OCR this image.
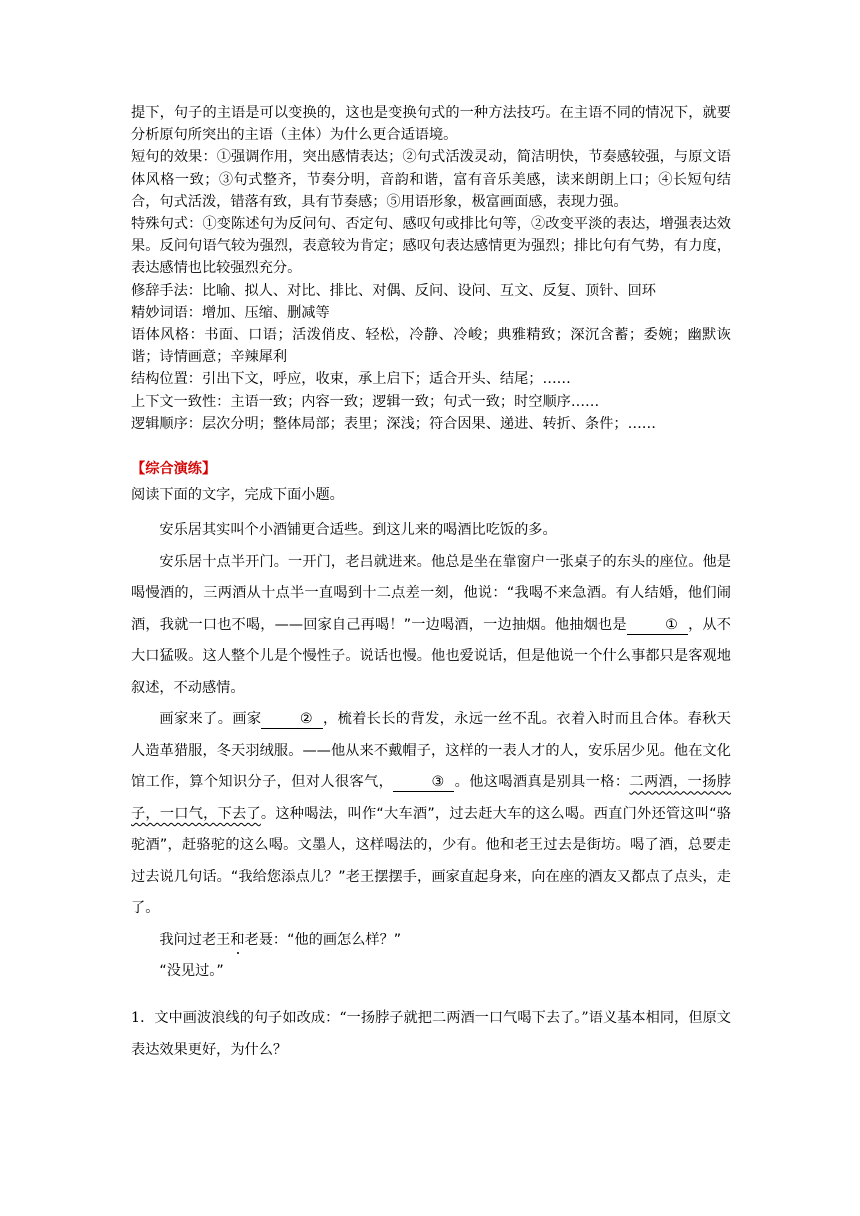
提下，句子的主语是可以变换的，这也是变换句式的一种方法技巧。在主语不同的情况下，就要分析原句所突出的主语（主体）为什么更合适语境。

短句的效果：①强调作用，突出感情表达；②句式活泼灵动，简洁明快，节奏感较强，与原文语体风格一致；③句式整齐，节奏分明，音韵和谐，富有音乐美感，读来朗朗上口；④长短句结合，句式活泼，错落有致，具有节奏感；⑤用语形象，极富画面感，表现力强。

特殊句式：①变陈述句为反问句、否定句、感叹句或排比句等，②改变平淡的表达，增强表达效果。反问句语气较为强烈，表意较为肯定；感叹句表达感情更为强烈；排比句有气势，有力度，表达感情也比较强烈充分。

修辞手法：比喻、拟人、对比、排比、对偶、反问、设问、互文、反复、顶针、回环

精妙词语：增加、压缩、删减等

语体风格：书面、口语；活泼俏皮、轻松，冷静、冷峻；典雅精致；深沉含蓄；委婉；幽默诙谐；诗情画意；辛辣犀利

结构位置：引出下文，呼应，收束，承上启下；适合开头、结尾；……

上下文一致性：主语一致；内容一致；逻辑一致；句式一致；时空顺序……

逻辑顺序：层次分明；整体局部；表里；深浅；符合因果、递进、转折、条件；……

【综合演练】

阅读下面的文字，完成下面小题。

安乐居其实叫个小酒铺更合适些。到这儿来的喝酒比吃饭的多。

安乐居十点半开门。一开门，老吕就进来。他总是坐在靠窗户一张桌子的东头的座位。他是喝慢酒的，三两酒从十点半一直喝到十二点差一刻，他说：“我喝不来急酒。有人结婚，他们闹酒，我就一口也不喝，——回家自己再喝！”一边喝酒，一边抽烟。他抽烟也是	① ，从不大口猛吸。这人整个儿是个慢性子。说话也慢。他也爱说话，但是他说一个什么事都只是客观地叙述，不动感情。

画家来了。画家	② ，梳着长长的背发，永远一丝不乱。衣着入时而且合体。春秋天人造革猎服，冬天羽绒服。——他从来不戴帽子，这样的一表人才的人，安乐居少见。他在文化馆工作，算个知识分子，但对人很客气，	③ 。他这喝酒真是别具一格：二两酒，一扬脖子，一口气，下去了。这种喝法，叫作“大车酒”，过去赶大车的这么喝。西直门外还管这叫“骆驼酒”，赶骆驼的这么喝。文墨人，这样喝法的，少有。他和老王过去是街坊。喝了酒，总要走过去说几句话。“我给您添点儿？”老王摆摆手，画家直起身来，向在座的酒友又都点了点头，走了。

我问过老王和老聂：“他的画怎么样？”

“没见过。”

1．文中画波浪线的句子如改成：“一扬脖子就把二两酒一口气喝下去了。”语义基本相同，但原文表达效果更好，为什么？
